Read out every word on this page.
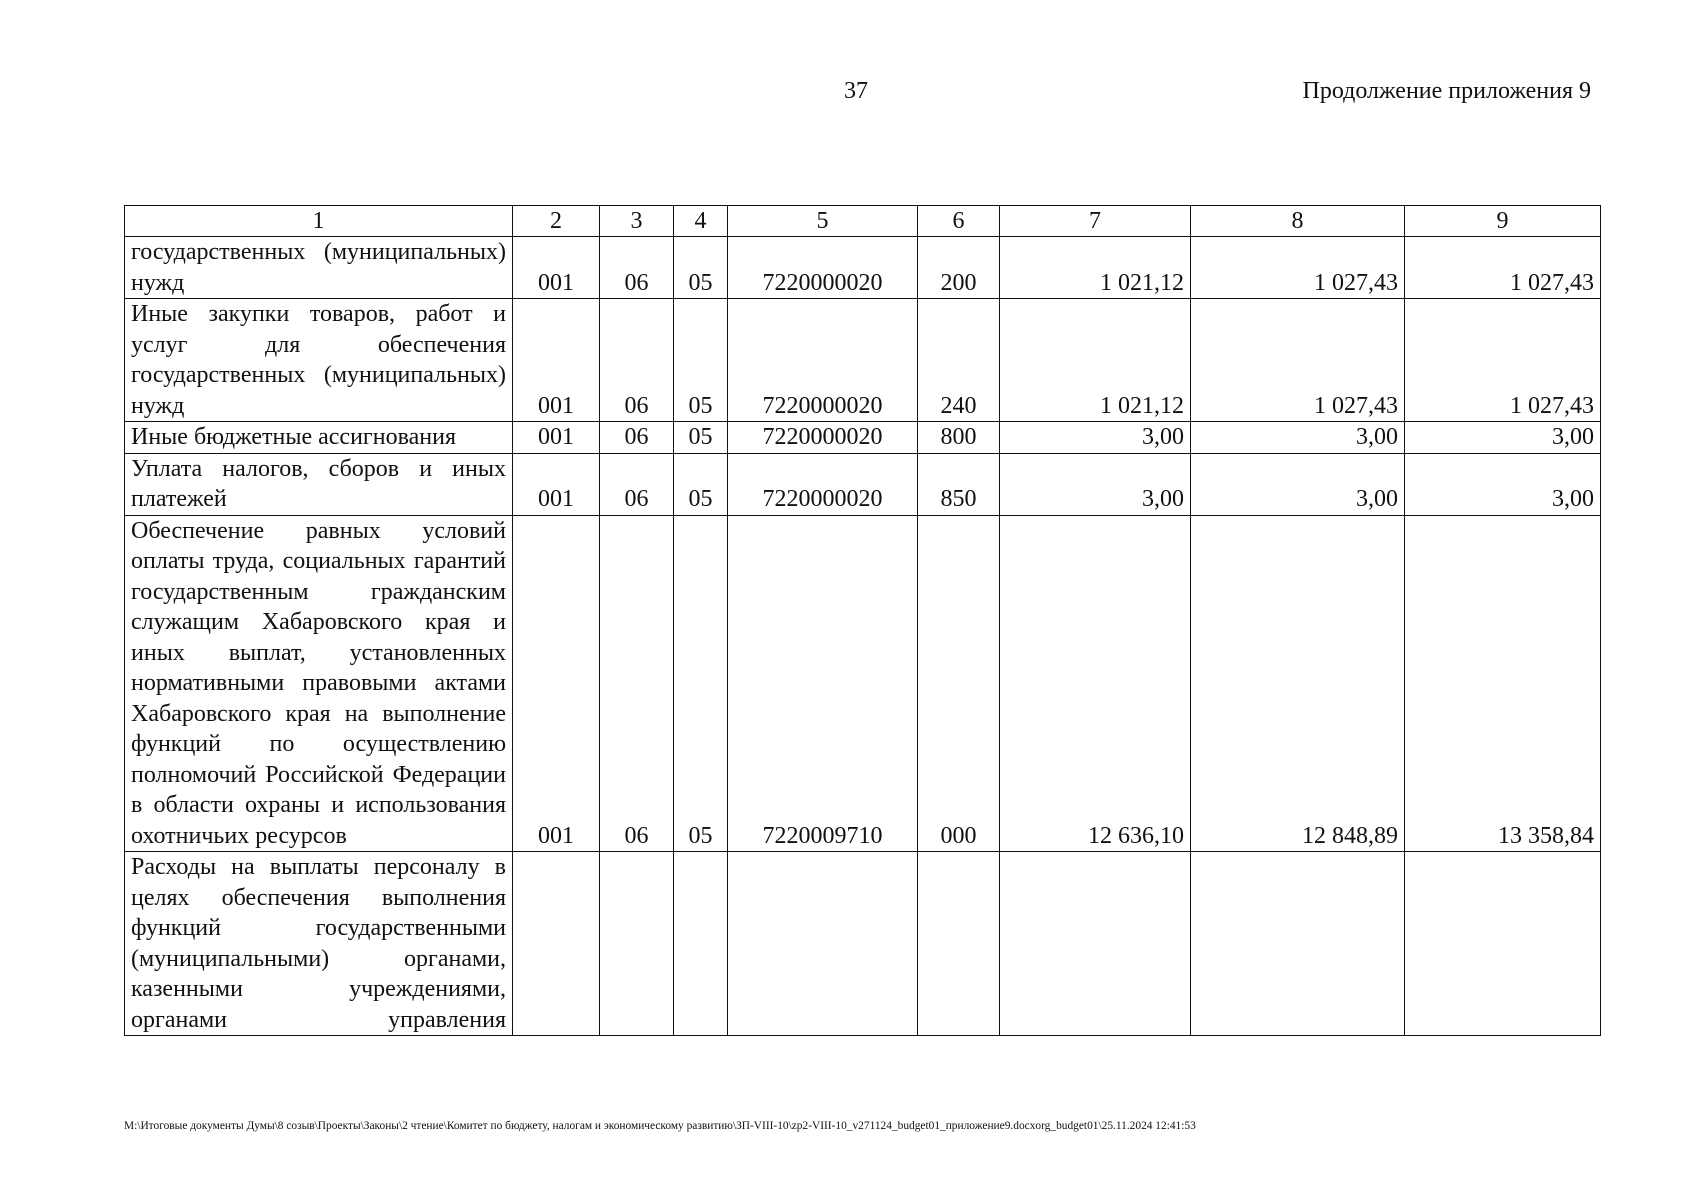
37	Продолжение приложения 9
1	2	3	4	5	6	7	8	9
государственных (муниципальных) нужд	001	06	05	7220000020	200	1 021,12	1 027,43	1 027,43
Иные закупки товаров, работ и услуг для обеспечения государственных (муниципальных) нужд	001	06	05	7220000020	240	1 021,12	1 027,43	1 027,43
Иные бюджетные ассигнования	001	06	05	7220000020	800	3,00	3,00	3,00
Уплата налогов, сборов и иных платежей	001	06	05	7220000020	850	3,00	3,00	3,00
Обеспечение равных условий оплаты труда, социальных гарантий государственным гражданским служащим Хабаровского края и иных выплат, установленных нормативными правовыми актами Хабаровского края на выполнение функций по осуществлению полномочий Российской Федерации в области охраны и использования охотничьих ресурсов	001	06	05	7220009710	000	12 636,10	12 848,89	13 358,84
Расходы на выплаты персоналу в целях обеспечения выполнения функций государственными (муниципальными) органами, казенными учреждениями, органами управления								
M:\Итоговые документы Думы\8 созыв\Проекты\Законы\2 чтение\Комитет по бюджету, налогам и экономическому развитию\ЗП-VIII-10\zp2-VIII-10_v271124_budget01_приложение9.docxorg_budget01\25.11.2024 12:41:53
